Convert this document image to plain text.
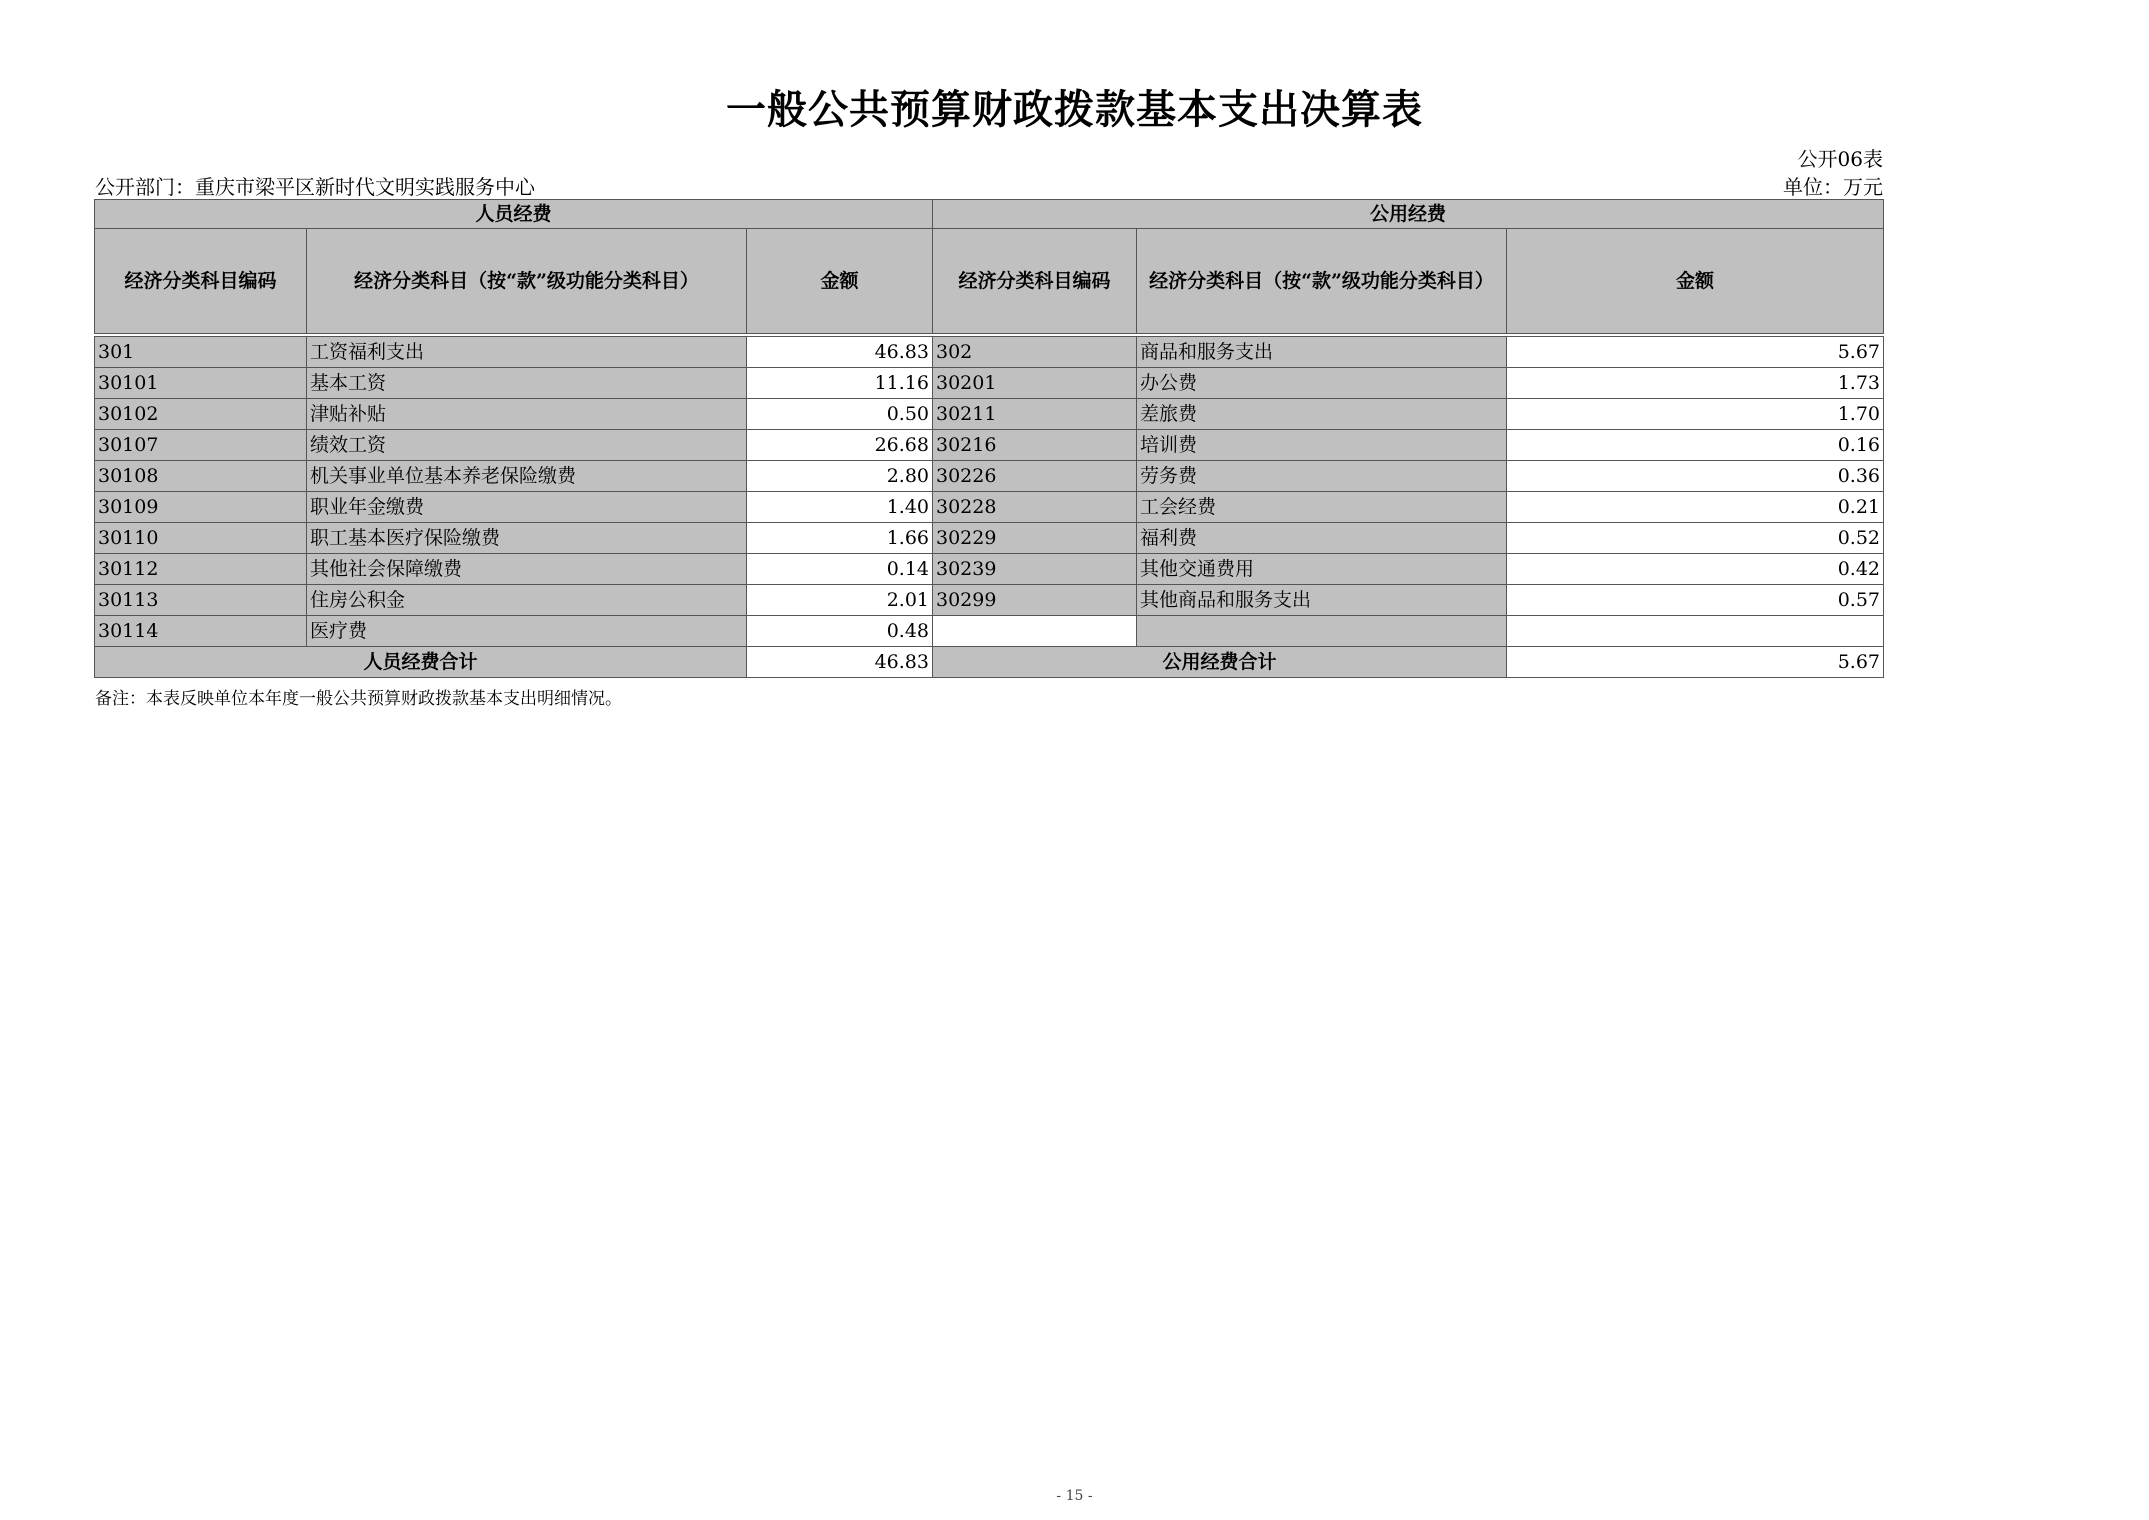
一般公共预算财政拨款基本支出决算表
公开06表
公开部门：重庆市梁平区新时代文明实践服务中心	单位：万元
人员经费			公用经费		
经济分类科目编码	经济分类科目（按“款”级功能分类科目）	金额	经济分类科目编码	经济分类科目（按“款”级功能分类科目）	金额

301	工资福利支出	46.83	302	商品和服务支出	5.67
30101	基本工资	11.16	30201	办公费	1.73
30102	津贴补贴	0.50	30211	差旅费	1.70
30107	绩效工资	26.68	30216	培训费	0.16
30108	机关事业单位基本养老保险缴费	2.80	30226	劳务费	0.36
30109	职业年金缴费	1.40	30228	工会经费	0.21
30110	职工基本医疗保险缴费	1.66	30229	福利费	0.52
30112	其他社会保障缴费	0.14	30239	其他交通费用	0.42
30113	住房公积金	2.01	30299	其他商品和服务支出	0.57
30114	医疗费	0.48			
人员经费合计		46.83	公用经费合计		5.67
备注：本表反映单位本年度一般公共预算财政拨款基本支出明细情况。
- 15 -
